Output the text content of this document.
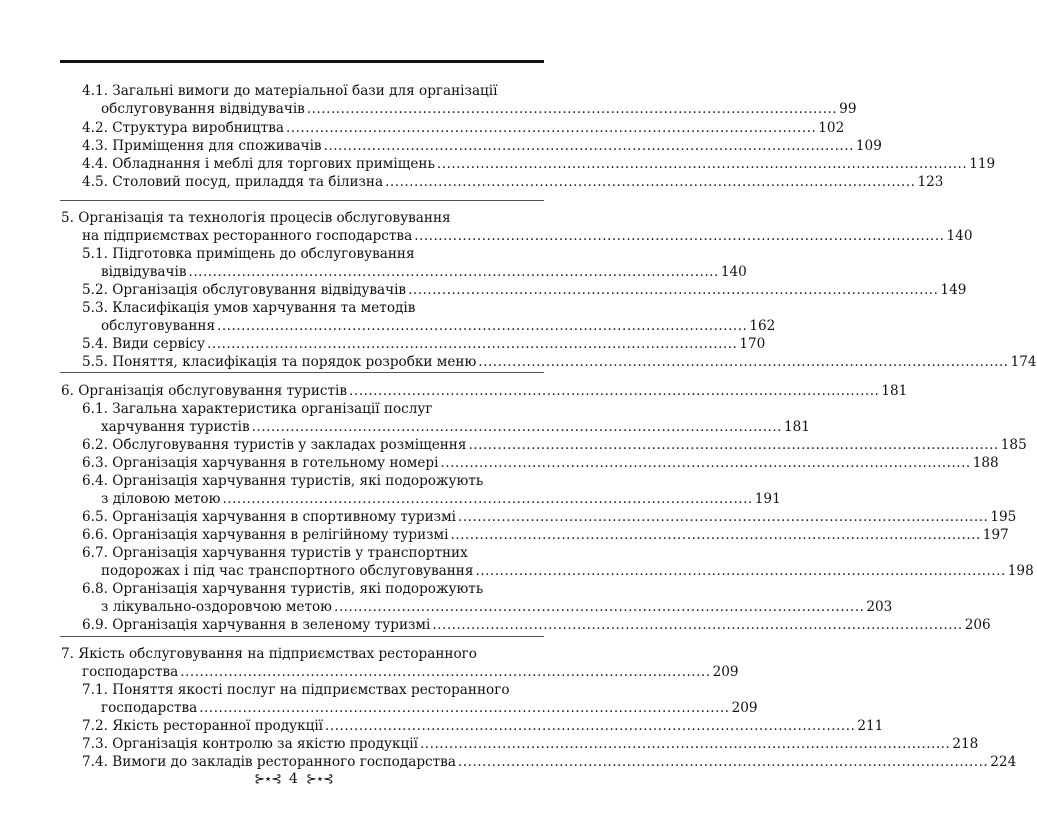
4.1. Загальні вимоги до матеріальної бази для організації
обслуговування відвідувачів .............................................................................................................. 99
4.2. Структура виробництва .............................................................................................................. 102
4.3. Приміщення для споживачів .............................................................................................................. 109
4.4. Обладнання і меблі для торгових приміщень .............................................................................................................. 119
4.5. Столовий посуд, приладдя та білизна .............................................................................................................. 123
5. Організація та технологія процесів обслуговування
на підприємствах ресторанного господарства .............................................................................................................. 140
5.1. Підготовка приміщень до обслуговування
відвідувачів .............................................................................................................. 140
5.2. Організація обслуговування відвідувачів .............................................................................................................. 149
5.3. Класифікація умов харчування та методів
обслуговування .............................................................................................................. 162
5.4. Види сервісу .............................................................................................................. 170
5.5. Поняття, класифікація та порядок розробки меню .............................................................................................................. 174
6. Організація обслуговування туристів .............................................................................................................. 181
6.1. Загальна характеристика організації послуг
харчування туристів .............................................................................................................. 181
6.2. Обслуговування туристів у закладах розміщення .............................................................................................................. 185
6.3. Організація харчування в готельному номері .............................................................................................................. 188
6.4. Організація харчування туристів, які подорожують
з діловою метою .............................................................................................................. 191
6.5. Організація харчування в спортивному туризмі .............................................................................................................. 195
6.6. Організація харчування в релігійному туризмі .............................................................................................................. 197
6.7. Організація харчування туристів у транспортних
подорожах і під час транспортного обслуговування .............................................................................................................. 198
6.8. Організація харчування туристів, які подорожують
з лікувально-оздоровчою метою .............................................................................................................. 203
6.9. Організація харчування в зеленому туризмі .............................................................................................................. 206
7. Якість обслуговування на підприємствах ресторанного
господарства .............................................................................................................. 209
7.1. Поняття якості послуг на підприємствах ресторанного
господарства .............................................................................................................. 209
7.2. Якість ресторанної продукції .............................................................................................................. 211
7.3. Організація контролю за якістю продукції .............................................................................................................. 218
7.4. Вимоги до закладів ресторанного господарства .............................................................................................................. 224
⊱⋆⊰ 4 ⊱⋆⊰
